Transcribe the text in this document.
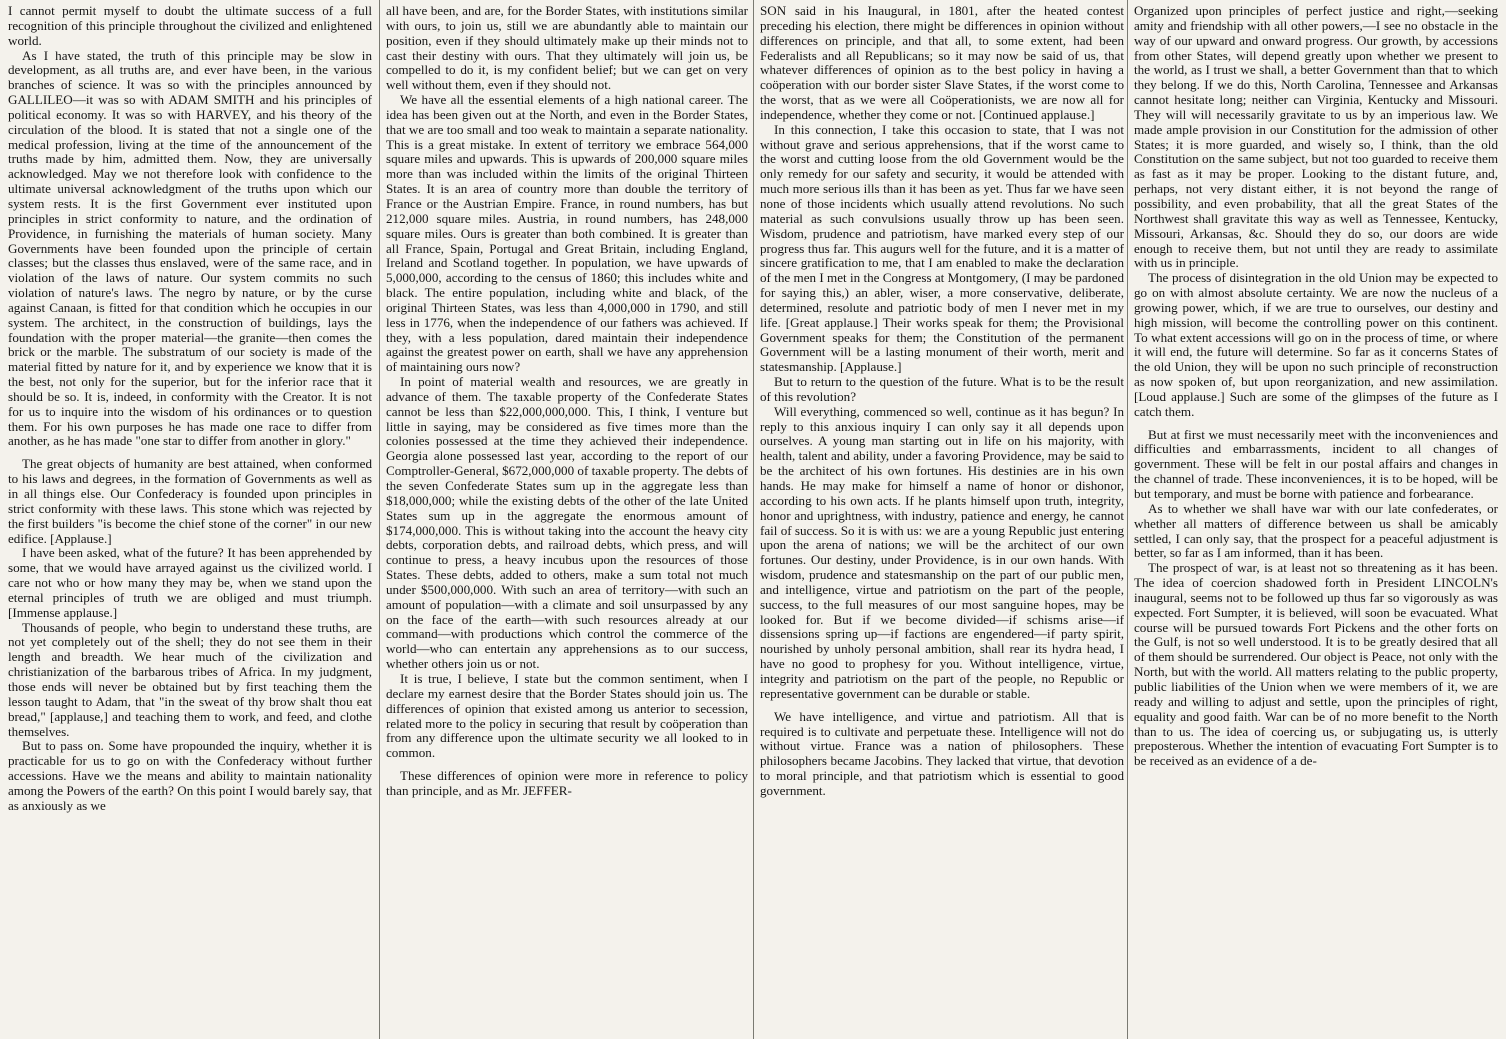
I cannot permit myself to doubt the ultimate success of a full recognition of this principle throughout the civilized and enlightened world.

As I have stated, the truth of this principle may be slow in development, as all truths are, and ever have been, in the various branches of science. It was so with the principles announced by GALLILEO—it was so with ADAM SMITH and his principles of political economy. It was so with HARVEY, and his theory of the circulation of the blood. It is stated that not a single one of the medical profession, living at the time of the announcement of the truths made by him, admitted them. Now, they are universally acknowledged. May we not therefore look with confidence to the ultimate universal acknowledgment of the truths upon which our system rests. It is the first Government ever instituted upon principles in strict conformity to nature, and the ordination of Providence, in furnishing the materials of human society. Many Governments have been founded upon the principle of certain classes; but the classes thus enslaved, were of the same race, and in violation of the laws of nature. Our system commits no such violation of nature's laws. The negro by nature, or by the curse against Canaan, is fitted for that condition which he occupies in our system. The architect, in the construction of buildings, lays the foundation with the proper material—the granite—then comes the brick or the marble. The substratum of our society is made of the material fitted by nature for it, and by experience we know that it is the best, not only for the superior, but for the inferior race that it should be so. It is, indeed, in conformity with the Creator. It is not for us to inquire into the wisdom of his ordinances or to question them. For his own purposes he has made one race to differ from another, as he has made "one star to differ from another in glory."

The great objects of humanity are best attained, when conformed to his laws and degrees, in the formation of Governments as well as in all things else. Our Confederacy is founded upon principles in strict conformity with these laws. This stone which was rejected by the first builders "is become the chief stone of the corner" in our new edifice. [Applause.]

I have been asked, what of the future? It has been apprehended by some, that we would have arrayed against us the civilized world. I care not who or how many they may be, when we stand upon the eternal principles of truth we are obliged and must triumph. [Immense applause.]

Thousands of people, who begin to understand these truths, are not yet completely out of the shell; they do not see them in their length and breadth. We hear much of the civilization and christianization of the barbarous tribes of Africa. In my judgment, those ends will never be obtained but by first teaching them the lesson taught to Adam, that "in the sweat of thy brow shalt thou eat bread," [applause,] and teaching them to work, and feed, and clothe themselves.

But to pass on. Some have propounded the inquiry, whether it is practicable for us to go on with the Confederacy without further accessions. Have we the means and ability to maintain nationality among the Powers of the earth? On this point I would barely say, that as anxiously as we

all have been, and are, for the Border States, with institutions similar with ours, to join us, still we are abundantly able to maintain our position, even if they should ultimately make up their minds not to cast their destiny with ours. That they ultimately will join us, be compelled to do it, is my confident belief; but we can get on very well without them, even if they should not.

We have all the essential elements of a high national career. The idea has been given out at the North, and even in the Border States, that we are too small and too weak to maintain a separate nationality. This is a great mistake. In extent of territory we embrace 564,000 square miles and upwards. This is upwards of 200,000 square miles more than was included within the limits of the original Thirteen States. It is an area of country more than double the territory of France or the Austrian Empire. France, in round numbers, has but 212,000 square miles. Austria, in round numbers, has 248,000 square miles. Ours is greater than both combined. It is greater than all France, Spain, Portugal and Great Britain, including England, Ireland and Scotland together. In population, we have upwards of 5,000,000, according to the census of 1860; this includes white and black. The entire population, including white and black, of the original Thirteen States, was less than 4,000,000 in 1790, and still less in 1776, when the independence of our fathers was achieved. If they, with a less population, dared maintain their independence against the greatest power on earth, shall we have any apprehension of maintaining ours now?

In point of material wealth and resources, we are greatly in advance of them. The taxable property of the Confederate States cannot be less than $22,000,000,000. This, I think, I venture but little in saying, may be considered as five times more than the colonies possessed at the time they achieved their independence. Georgia alone possessed last year, according to the report of our Comptroller-General, $672,000,000 of taxable property. The debts of the seven Confederate States sum up in the aggregate less than $18,000,000; while the existing debts of the other of the late United States sum up in the aggregate the enormous amount of $174,000,000. This is without taking into the account the heavy city debts, corporation debts, and railroad debts, which press, and will continue to press, a heavy incubus upon the resources of those States. These debts, added to others, make a sum total not much under $500,000,000. With such an area of territory—with such an amount of population—with a climate and soil unsurpassed by any on the face of the earth—with such resources already at our command—with productions which control the commerce of the world—who can entertain any apprehensions as to our success, whether others join us or not.

It is true, I believe, I state but the common sentiment, when I declare my earnest desire that the Border States should join us. The differences of opinion that existed among us anterior to secession, related more to the policy in securing that result by coöperation than from any difference upon the ultimate security we all looked to in common.

These differences of opinion were more in reference to policy than principle, and as Mr. JEFFER-

SON said in his Inaugural, in 1801, after the heated contest preceding his election, there might be differences in opinion without differences on principle, and that all, to some extent, had been Federalists and all Republicans; so it may now be said of us, that whatever differences of opinion as to the best policy in having a coöperation with our border sister Slave States, if the worst come to the worst, that as we were all Coöperationists, we are now all for independence, whether they come or not. [Continued applause.]

In this connection, I take this occasion to state, that I was not without grave and serious apprehensions, that if the worst came to the worst and cutting loose from the old Government would be the only remedy for our safety and security, it would be attended with much more serious ills than it has been as yet. Thus far we have seen none of those incidents which usually attend revolutions. No such material as such convulsions usually throw up has been seen. Wisdom, prudence and patriotism, have marked every step of our progress thus far. This augurs well for the future, and it is a matter of sincere gratification to me, that I am enabled to make the declaration of the men I met in the Congress at Montgomery, (I may be pardoned for saying this,) an abler, wiser, a more conservative, deliberate, determined, resolute and patriotic body of men I never met in my life. [Great applause.] Their works speak for them; the Provisional Government speaks for them; the Constitution of the permanent Government will be a lasting monument of their worth, merit and statesmanship. [Applause.]

But to return to the question of the future. What is to be the result of this revolution?

Will everything, commenced so well, continue as it has begun? In reply to this anxious inquiry I can only say it all depends upon ourselves. A young man starting out in life on his majority, with health, talent and ability, under a favoring Providence, may be said to be the architect of his own fortunes. His destinies are in his own hands. He may make for himself a name of honor or dishonor, according to his own acts. If he plants himself upon truth, integrity, honor and uprightness, with industry, patience and energy, he cannot fail of success. So it is with us: we are a young Republic just entering upon the arena of nations; we will be the architect of our own fortunes. Our destiny, under Providence, is in our own hands. With wisdom, prudence and statesmanship on the part of our public men, and intelligence, virtue and patriotism on the part of the people, success, to the full measures of our most sanguine hopes, may be looked for. But if we become divided—if schisms arise—if dissensions spring up—if factions are engendered—if party spirit, nourished by unholy personal ambition, shall rear its hydra head, I have no good to prophesy for you. Without intelligence, virtue, integrity and patriotism on the part of the people, no Republic or representative government can be durable or stable.

We have intelligence, and virtue and patriotism. All that is required is to cultivate and perpetuate these. Intelligence will not do without virtue. France was a nation of philosophers. These philosophers became Jacobins. They lacked that virtue, that devotion to moral principle, and that patriotism which is essential to good government.

Organized upon principles of perfect justice and right,—seeking amity and friendship with all other powers,—I see no obstacle in the way of our upward and onward progress. Our growth, by accessions from other States, will depend greatly upon whether we present to the world, as I trust we shall, a better Government than that to which they belong. If we do this, North Carolina, Tennessee and Arkansas cannot hesitate long; neither can Virginia, Kentucky and Missouri. They will will necessarily gravitate to us by an imperious law. We made ample provision in our Constitution for the admission of other States; it is more guarded, and wisely so, I think, than the old Constitution on the same subject, but not too guarded to receive them as fast as it may be proper. Looking to the distant future, and, perhaps, not very distant either, it is not beyond the range of possibility, and even probability, that all the great States of the Northwest shall gravitate this way as well as Tennessee, Kentucky, Missouri, Arkansas, &c. Should they do so, our doors are wide enough to receive them, but not until they are ready to assimilate with us in principle.

The process of disintegration in the old Union may be expected to go on with almost absolute certainty. We are now the nucleus of a growing power, which, if we are true to ourselves, our destiny and high mission, will become the controlling power on this continent. To what extent accessions will go on in the process of time, or where it will end, the future will determine. So far as it concerns States of the old Union, they will be upon no such principle of reconstruction as now spoken of, but upon reorganization, and new assimilation. [Loud applause.] Such are some of the glimpses of the future as I catch them.

But at first we must necessarily meet with the inconveniences and difficulties and embarrassments, incident to all changes of government. These will be felt in our postal affairs and changes in the channel of trade. These inconveniences, it is to be hoped, will be but temporary, and must be borne with patience and forbearance.

As to whether we shall have war with our late confederates, or whether all matters of difference between us shall be amicably settled, I can only say, that the prospect for a peaceful adjustment is better, so far as I am informed, than it has been.

The prospect of war, is at least not so threatening as it has been. The idea of coercion shadowed forth in President LINCOLN's inaugural, seems not to be followed up thus far so vigorously as was expected. Fort Sumpter, it is believed, will soon be evacuated. What course will be pursued towards Fort Pickens and the other forts on the Gulf, is not so well understood. It is to be greatly desired that all of them should be surrendered. Our object is Peace, not only with the North, but with the world. All matters relating to the public property, public liabilities of the Union when we were members of it, we are ready and willing to adjust and settle, upon the principles of right, equality and good faith. War can be of no more benefit to the North than to us. The idea of coercing us, or subjugating us, is utterly preposterous. Whether the intention of evacuating Fort Sumpter is to be received as an evidence of a de-
